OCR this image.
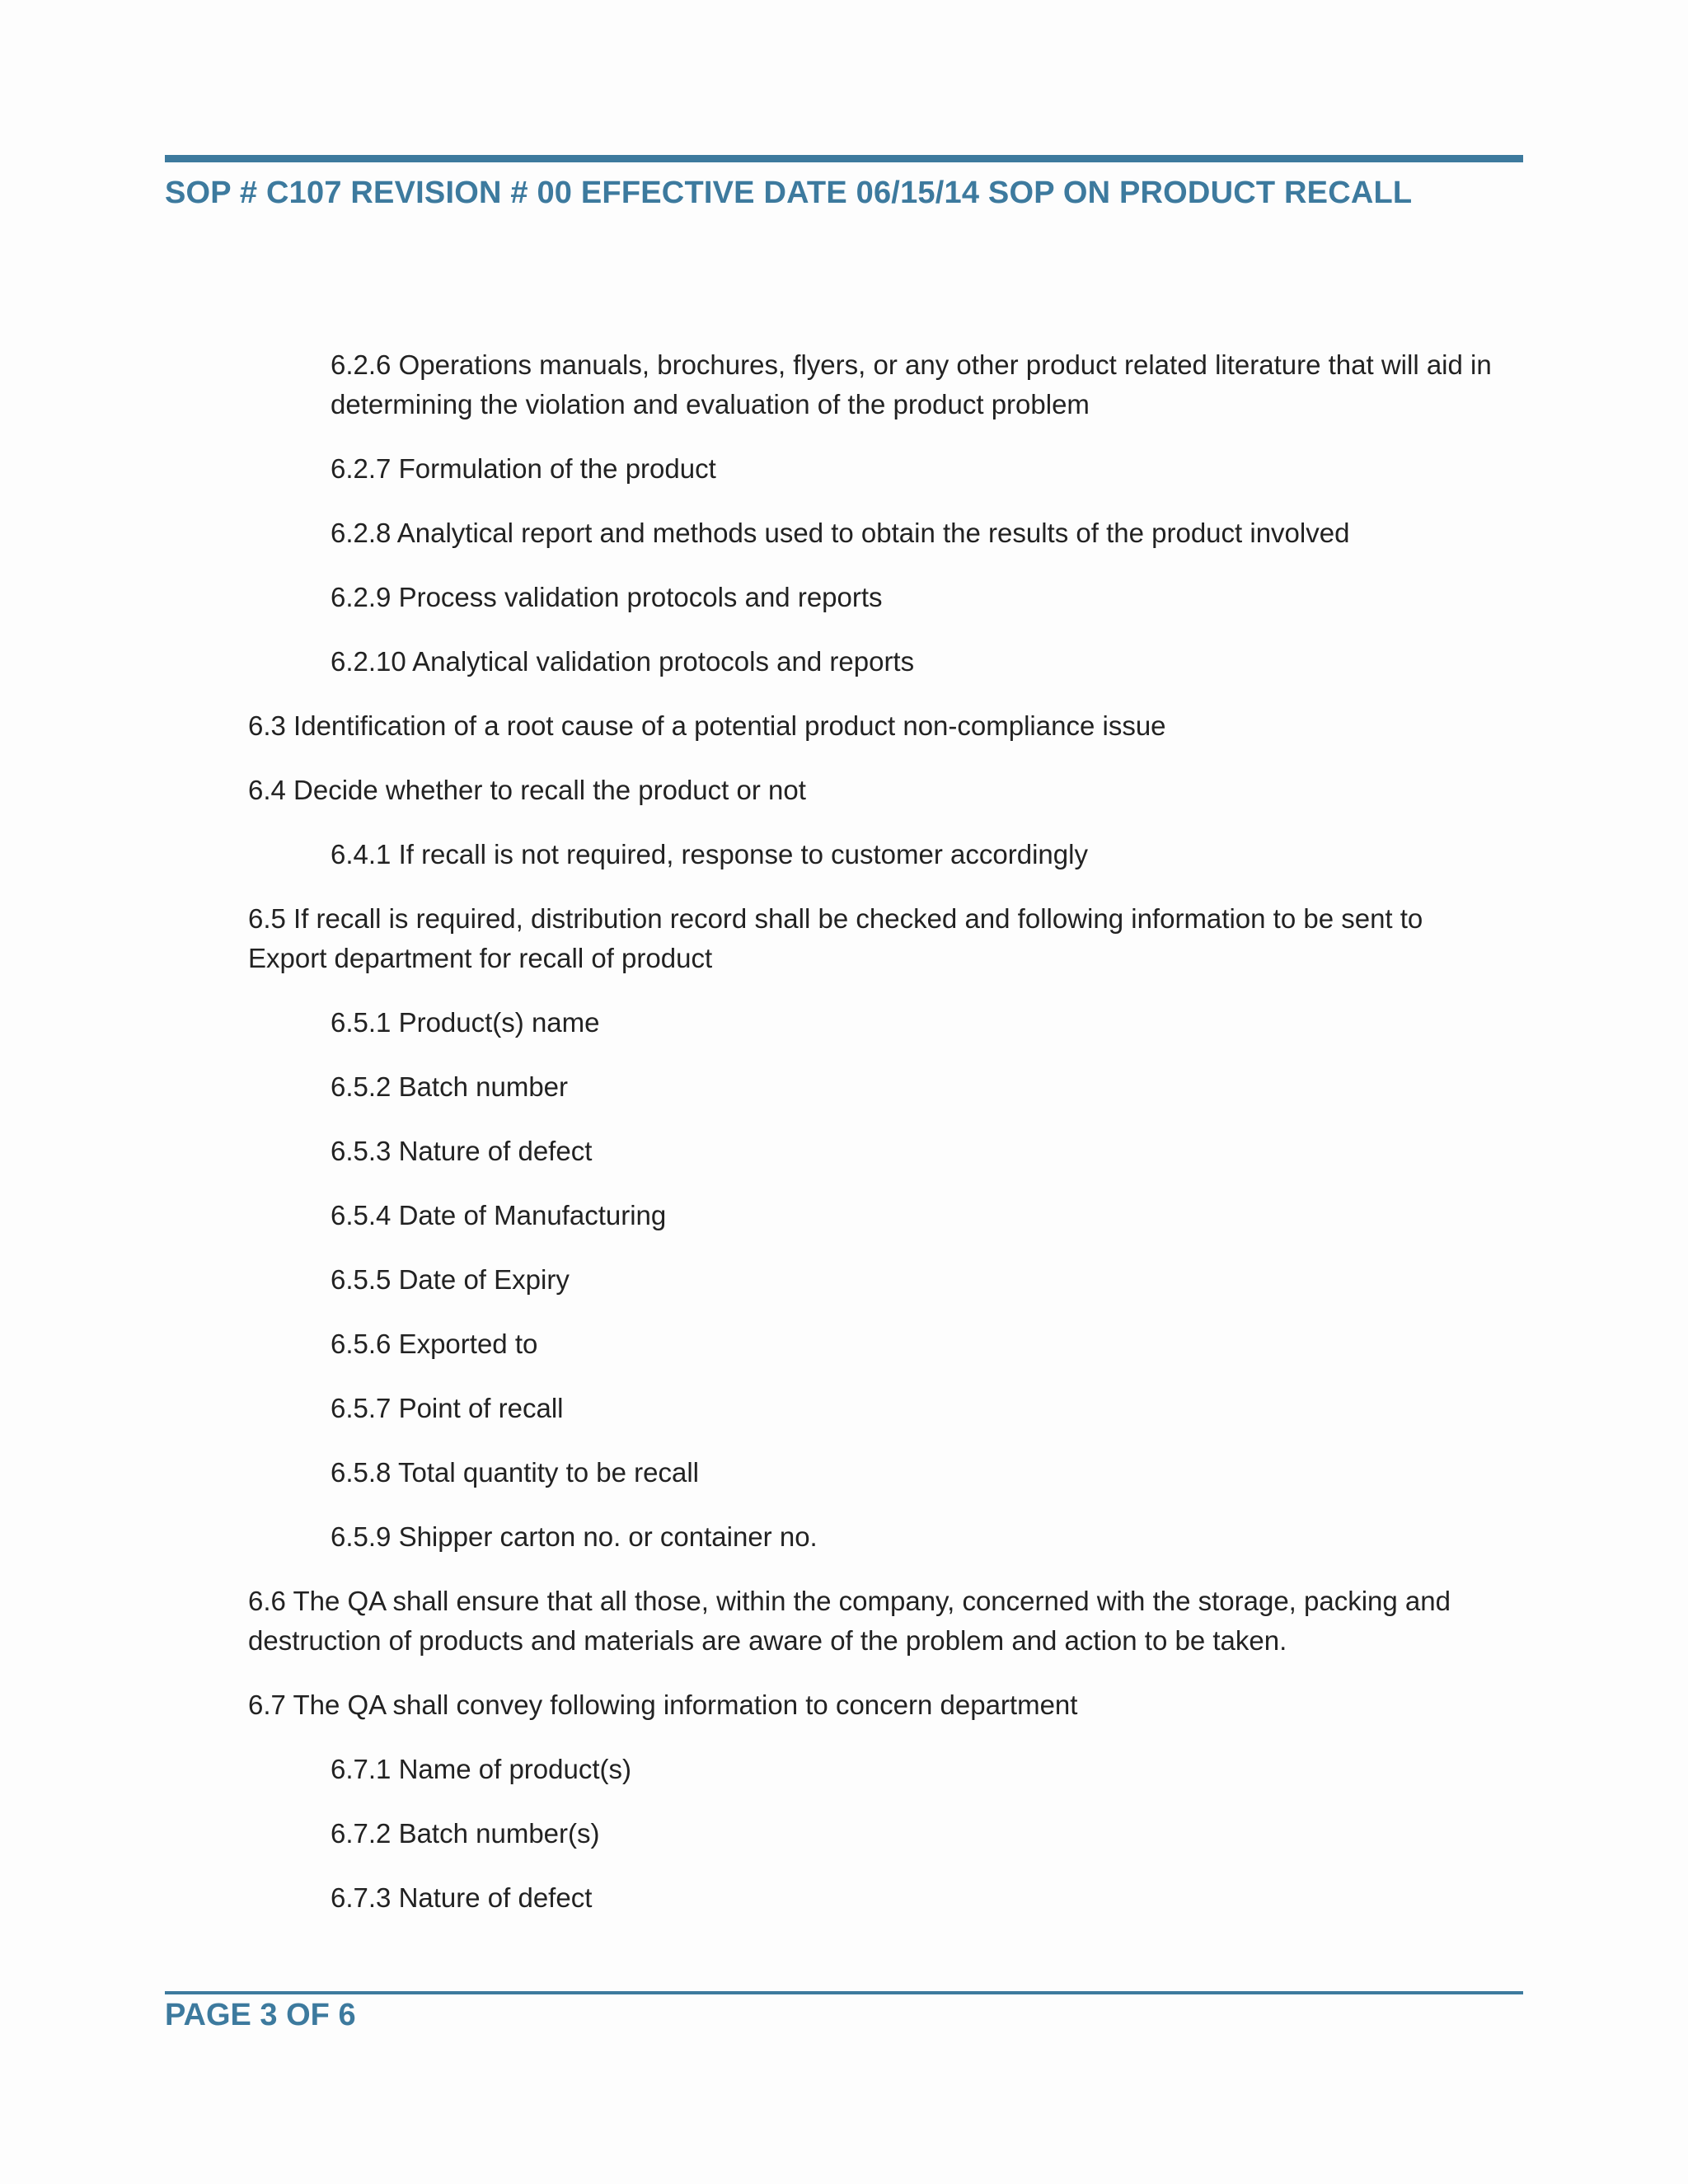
SOP # C107 REVISION # 00 EFFECTIVE DATE 06/15/14 SOP ON PRODUCT RECALL
6.2.6 Operations manuals, brochures, flyers, or any other product related literature that will aid in determining the violation and evaluation of the product problem
6.2.7 Formulation of the product
6.2.8 Analytical report and methods used to obtain the results of the product involved
6.2.9 Process validation protocols and reports
6.2.10 Analytical validation protocols and reports
6.3 Identification of a root cause of a potential product non-compliance issue
6.4 Decide whether to recall the product or not
6.4.1 If recall is not required, response to customer accordingly
6.5 If recall is required, distribution record shall be checked and following information to be sent to Export department for recall of product
6.5.1 Product(s) name
6.5.2 Batch number
6.5.3 Nature of defect
6.5.4 Date of Manufacturing
6.5.5 Date of Expiry
6.5.6 Exported to
6.5.7 Point of recall
6.5.8 Total quantity to be recall
6.5.9 Shipper carton no. or container no.
6.6 The QA shall ensure that all those, within the company, concerned with the storage, packing and destruction of products and materials are aware of the problem and action to be taken.
6.7 The QA shall convey following information to concern department
6.7.1 Name of product(s)
6.7.2 Batch number(s)
6.7.3 Nature of defect
PAGE 3 OF 6
